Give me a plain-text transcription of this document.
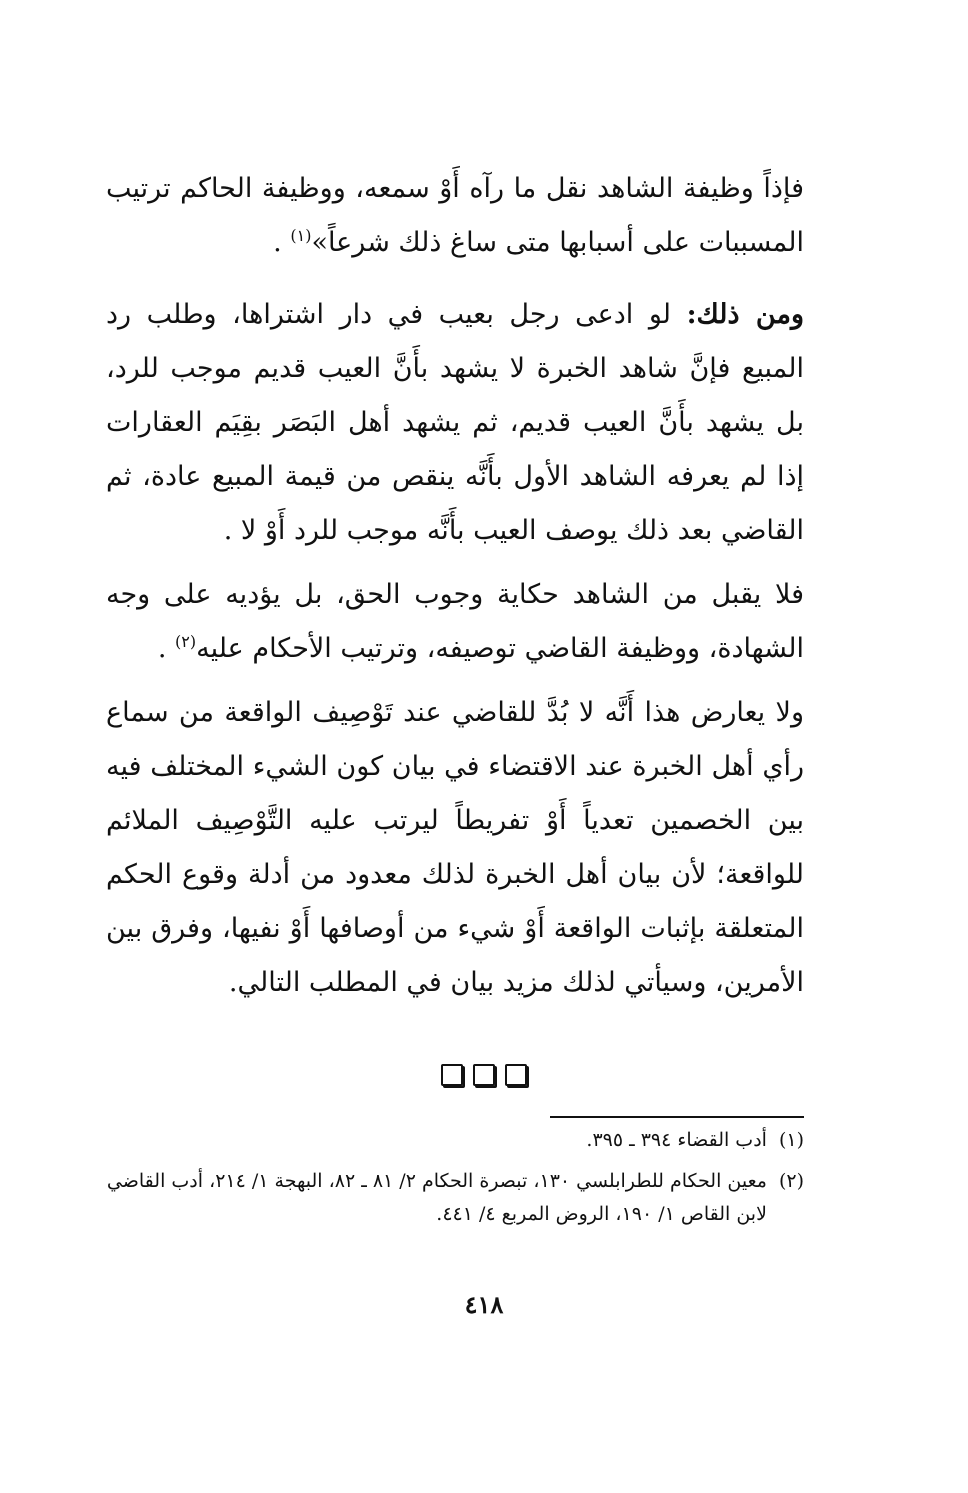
فإذاً وظيفة الشاهد نقل ما رآه أَوْ سمعه، ووظيفة الحاكم ترتيب المسببات على أسبابها متى ساغ ذلك شرعاً»$^{(١)}$ .

ومن ذلك: لو ادعى رجل بعيب في دار اشتراها، وطلب رد المبيع فإنَّ شاهد الخبرة لا يشهد بأَنَّ العيب قديم موجب للرد، بل يشهد بأَنَّ العيب قديم، ثم يشهد أهل البَصَر بقِيَم العقارات إذا لم يعرفه الشاهد الأول بأَنَّه ينقص من قيمة المبيع عادة، ثم القاضي بعد ذلك يوصف العيب بأَنَّه موجب للرد أَوْ لا .

فلا يقبل من الشاهد حكاية وجوب الحق، بل يؤديه على وجه الشهادة، ووظيفة القاضي توصيفه، وترتيب الأحكام عليه$^{(٢)}$ .

ولا يعارض هذا أَنَّه لا بُدَّ للقاضي عند تَوْصِيف الواقعة من سماع رأي أهل الخبرة عند الاقتضاء في بيان كون الشيء المختلف فيه بين الخصمين تعدياً أَوْ تفريطاً ليرتب عليه التَّوْصِيف الملائم للواقعة؛ لأن بيان أهل الخبرة لذلك معدود من أدلة وقوع الحكم المتعلقة بإثبات الواقعة أَوْ شيء من أوصافها أَوْ نفيها، وفرق بين الأمرين، وسيأتي لذلك مزيد بيان في المطلب التالي.

(١)
أدب القضاء ٣٩٤ ـ ٣٩٥.
(٢)
معين الحكام للطرابلسي ١٣٠، تبصرة الحكام ٢/ ٨١ ـ ٨٢، البهجة ١/ ٢١٤، أدب القاضي لابن القاص ١/ ١٩٠، الروض المربع ٤/ ٤٤١.
٤١٨
